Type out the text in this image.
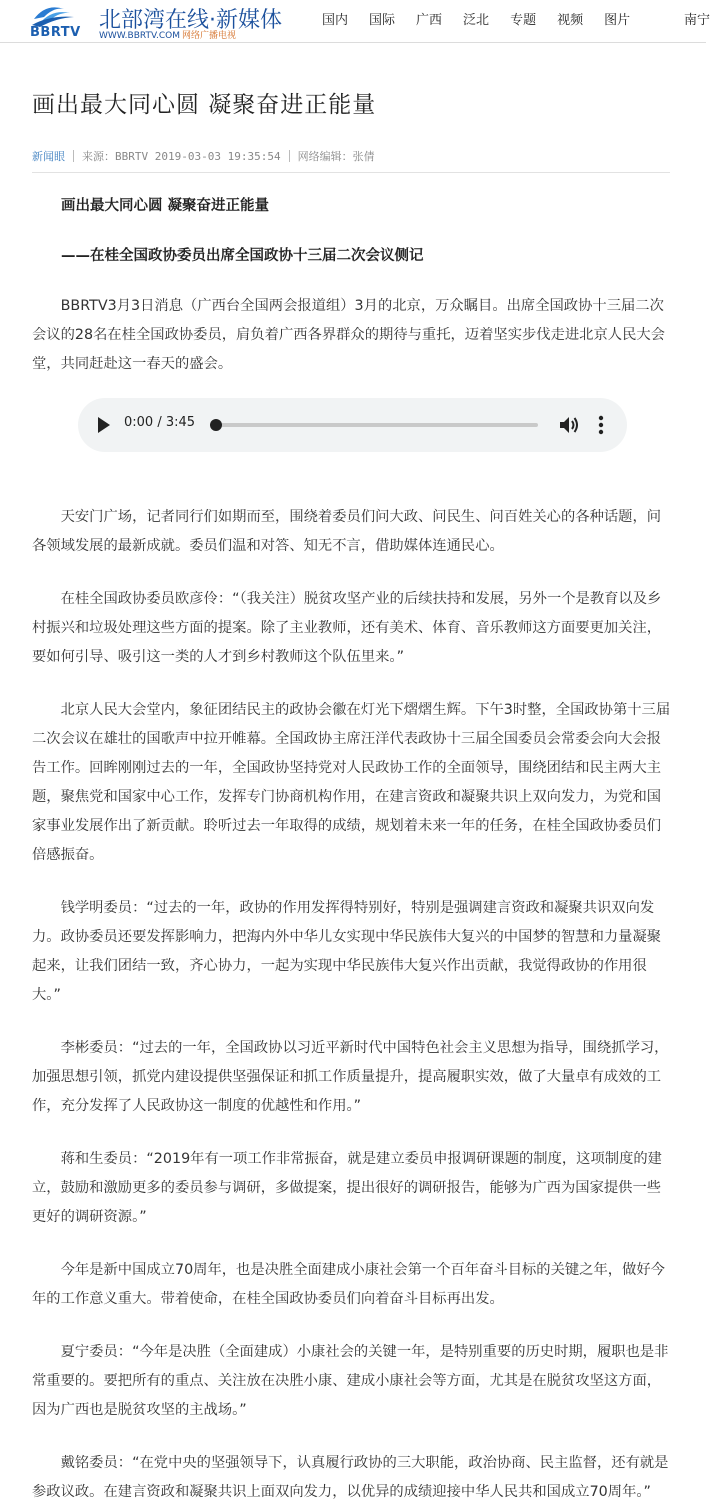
BBRTV 北部湾在线·新媒体
WWW.BBRTV.COM 网络广播电视
国内 国际 广西 泛北 专题 视频 图片	南宁
画出最大同心圆 凝聚奋进正能量
新闻眼 来源：BBRTV 2019-03-03 19:35:54 网络编辑：张倩
画出最大同心圆 凝聚奋进正能量
——在桂全国政协委员出席全国政协十三届二次会议侧记

BBRTV3月3日消息（广西台全国两会报道组）3月的北京，万众瞩目。出席全国政协十三届二次会议的28名在桂全国政协委员，肩负着广西各界群众的期待与重托，迈着坚实步伐走进北京人民大会堂，共同赶赴这一春天的盛会。

天安门广场，记者同行们如期而至，围绕着委员们问大政、问民生、问百姓关心的各种话题，问各领域发展的最新成就。委员们温和对答、知无不言，借助媒体连通民心。

在桂全国政协委员欧彦伶：“（我关注）脱贫攻坚产业的后续扶持和发展，另外一个是教育以及乡村振兴和垃圾处理这些方面的提案。除了主业教师，还有美术、体育、音乐教师这方面要更加关注，要如何引导、吸引这一类的人才到乡村教师这个队伍里来。”

北京人民大会堂内，象征团结民主的政协会徽在灯光下熠熠生辉。下午3时整，全国政协第十三届二次会议在雄壮的国歌声中拉开帷幕。全国政协主席汪洋代表政协十三届全国委员会常委会向大会报告工作。回眸刚刚过去的一年，全国政协坚持党对人民政协工作的全面领导，围绕团结和民主两大主题，聚焦党和国家中心工作，发挥专门协商机构作用，在建言资政和凝聚共识上双向发力，为党和国家事业发展作出了新贡献。聆听过去一年取得的成绩，规划着未来一年的任务，在桂全国政协委员们倍感振奋。

钱学明委员：“过去的一年，政协的作用发挥得特别好，特别是强调建言资政和凝聚共识双向发力。政协委员还要发挥影响力，把海内外中华儿女实现中华民族伟大复兴的中国梦的智慧和力量凝聚起来，让我们团结一致，齐心协力，一起为实现中华民族伟大复兴作出贡献，我觉得政协的作用很大。”

李彬委员：“过去的一年，全国政协以习近平新时代中国特色社会主义思想为指导，围绕抓学习，加强思想引领，抓党内建设提供坚强保证和抓工作质量提升，提高履职实效，做了大量卓有成效的工作，充分发挥了人民政协这一制度的优越性和作用。”

蒋和生委员：“2019年有一项工作非常振奋，就是建立委员申报调研课题的制度，这项制度的建立，鼓励和激励更多的委员参与调研，多做提案，提出很好的调研报告，能够为广西为国家提供一些更好的调研资源。”

今年是新中国成立70周年，也是决胜全面建成小康社会第一个百年奋斗目标的关键之年，做好今年的工作意义重大。带着使命，在桂全国政协委员们向着奋斗目标再出发。

夏宁委员：“今年是决胜（全面建成）小康社会的关键一年，是特别重要的历史时期，履职也是非常重要的。要把所有的重点、关注放在决胜小康、建成小康社会等方面，尤其是在脱贫攻坚这方面，因为广西也是脱贫攻坚的主战场。”

戴铭委员：“在党中央的坚强领导下，认真履行政协的三大职能，政治协商、民主监督，还有就是参政议政。在建言资政和凝聚共识上面双向发力，以优异的成绩迎接中华人民共和国成立70周年。”

0:00 / 3:45
